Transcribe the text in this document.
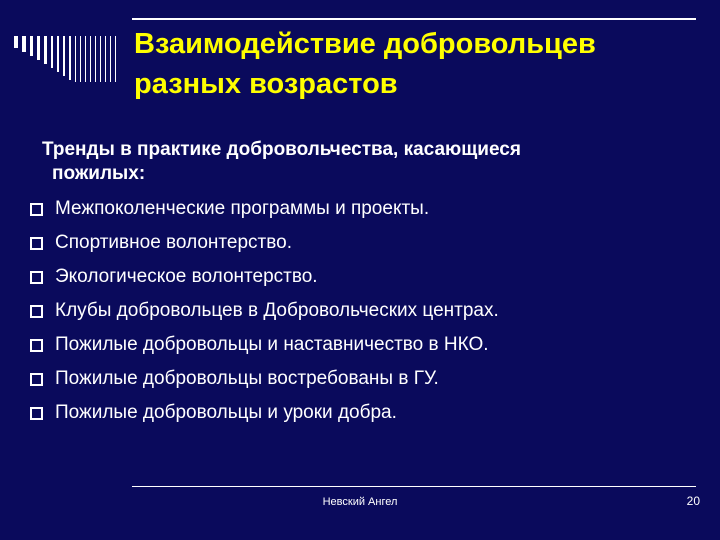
Взаимодействие добровольцев
разных возрастов

Тренды в практике добровольчества, касающиеся
пожилых:

Межпоколенческие программы и проекты.
Спортивное волонтерство.
Экологическое волонтерство.
Клубы добровольцев в Добровольческих центрах.
Пожилые добровольцы и наставничество в НКО.
Пожилые добровольцы востребованы в ГУ.
Пожилые добровольцы и уроки добра.
Невский Ангел	20
